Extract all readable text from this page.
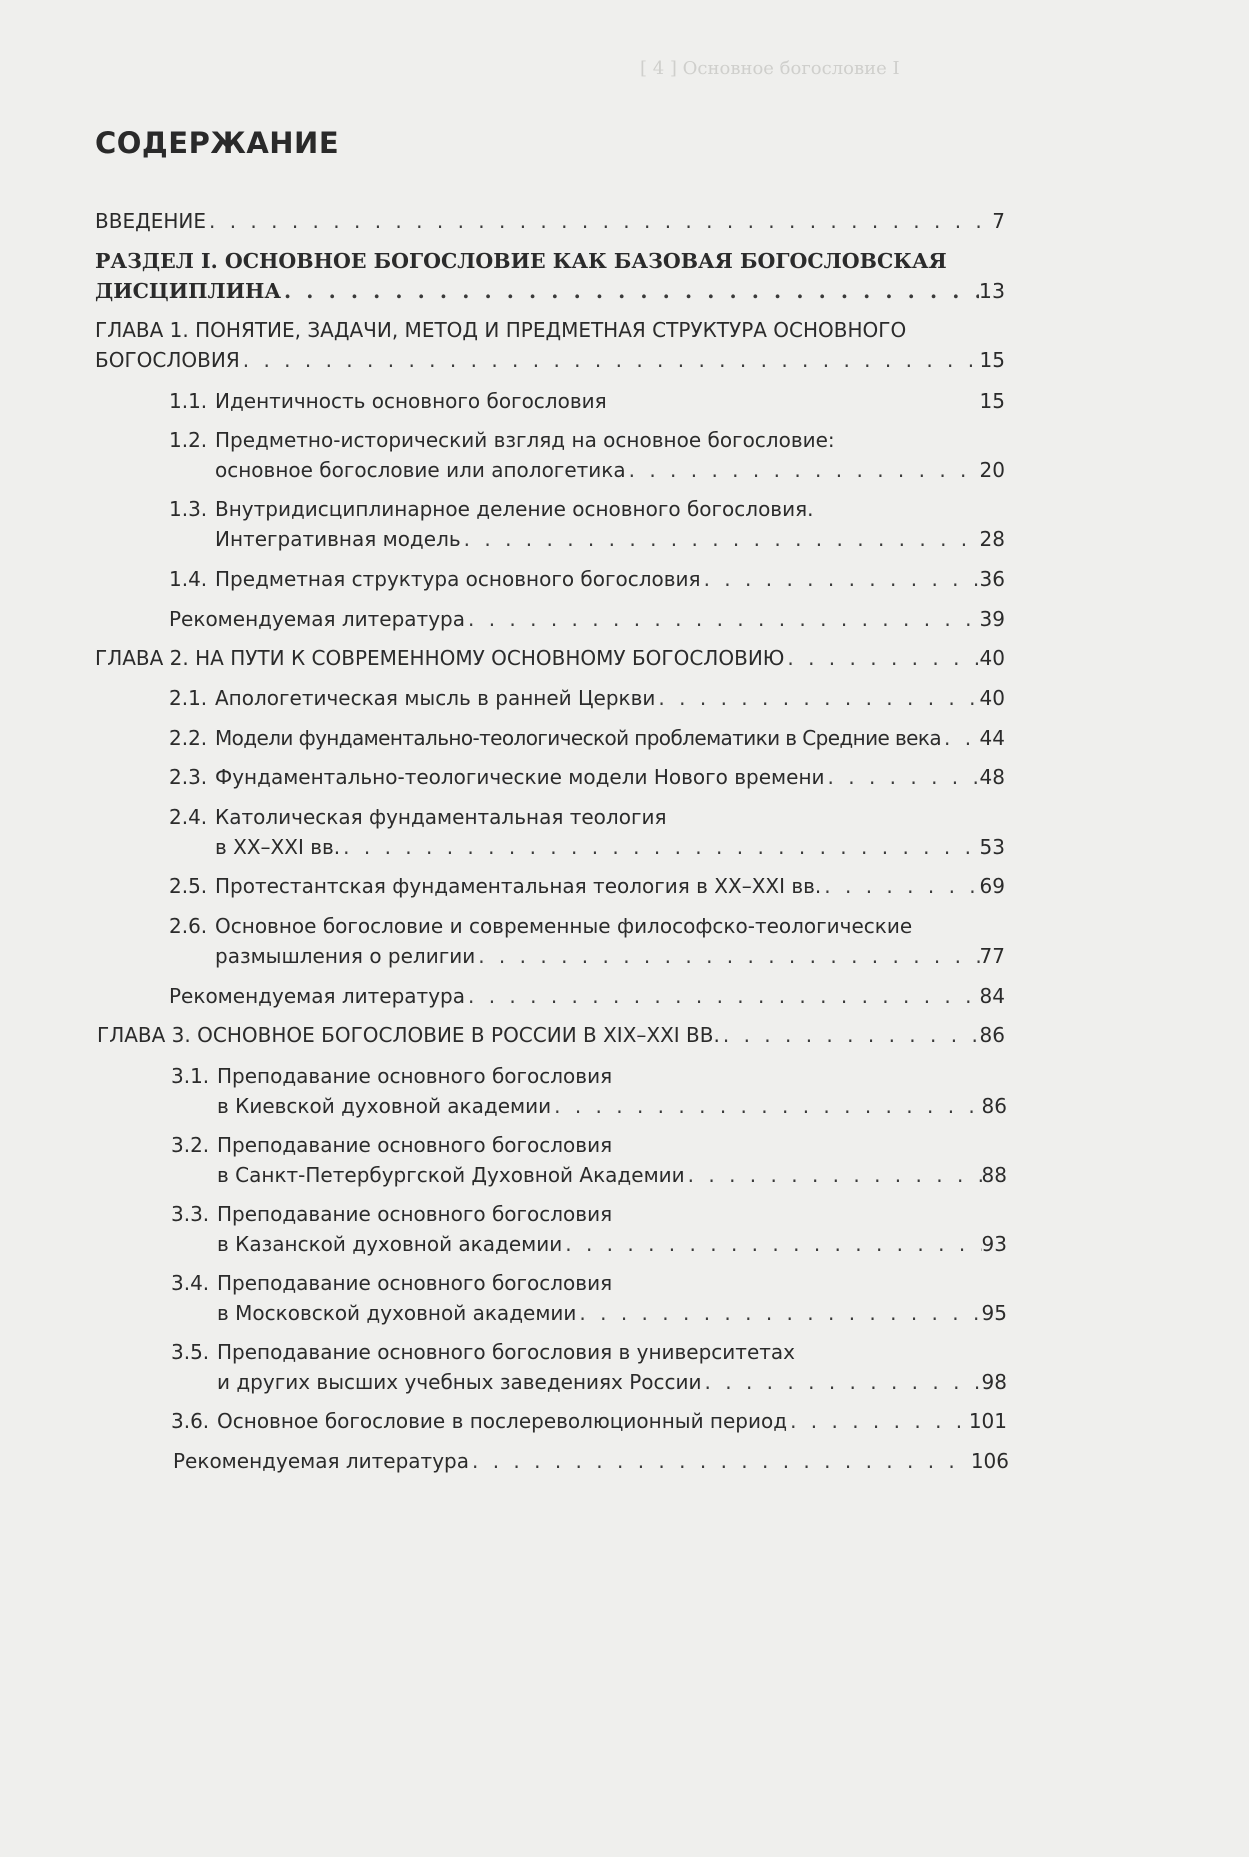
[ 4 ] Основное богословие I
СОДЕРЖАНИЕ
ВВЕДЕНИЕ . . .	7
РАЗДЕЛ I. ОСНОВНОЕ БОГОСЛОВИЕ КАК БАЗОВАЯ БОГОСЛОВСКАЯ
ДИСЦИПЛИНА . . .	13
ГЛАВА 1. ПОНЯТИЕ, ЗАДАЧИ, МЕТОД И ПРЕДМЕТНАЯ СТРУКТУРА ОСНОВНОГО
БОГОСЛОВИЯ . . .	15
1.1. Идентичность основного богословия	15
1.2. Предметно-исторический взгляд на основное богословие:
основное богословие или апологетика . . .	20
1.3. Внутридисциплинарное деление основного богословия.
Интегративная модель . . .	28
1.4. Предметная структура основного богословия . . .	36
Рекомендуемая литература . . .	39
ГЛАВА 2. НА ПУТИ К СОВРЕМЕННОМУ ОСНОВНОМУ БОГОСЛОВИЮ . . .	40
2.1. Апологетическая мысль в ранней Церкви . . .	40
2.2. Модели фундаментально-теологической проблематики в Средние века . . . 44
2.3. Фундаментально-теологические модели Нового времени . . .	48
2.4. Католическая фундаментальная теология
в XX–XXI вв. . . .	53
2.5. Протестантская фундаментальная теология в XX–XXI вв. . . .	69
2.6. Основное богословие и современные философско-теологические
размышления о религии . . .	77
Рекомендуемая литература . . .	84
ГЛАВА 3. ОСНОВНОЕ БОГОСЛОВИЕ В РОССИИ В XIX–XXI ВВ. . . .	86
3.1. Преподавание основного богословия
в Киевской духовной академии . . .	86
3.2. Преподавание основного богословия
в Санкт-Петербургской Духовной Академии . . .	88
3.3. Преподавание основного богословия
в Казанской духовной академии . . .	93
3.4. Преподавание основного богословия
в Московской духовной академии . . .	95
3.5. Преподавание основного богословия в университетах
и других высших учебных заведениях России . . .	98
3.6. Основное богословие в послереволюционный период . . .	101
Рекомендуемая литература . . .	106
